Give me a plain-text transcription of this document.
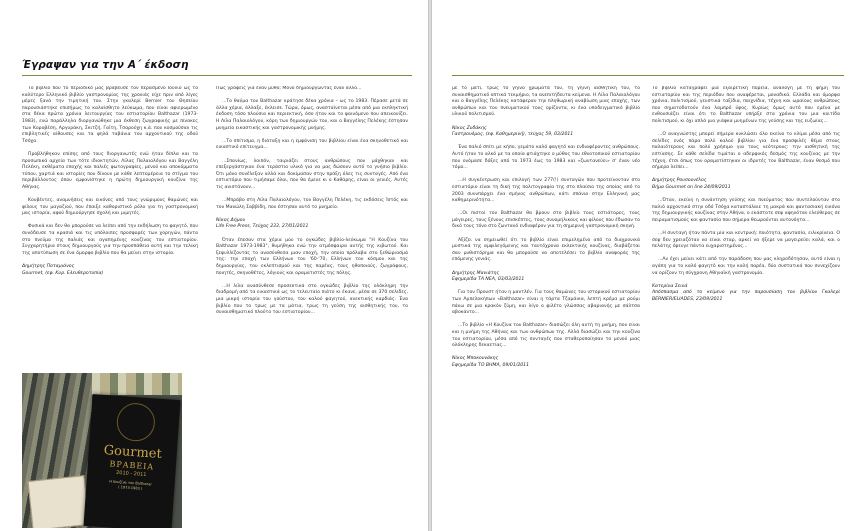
Έγραψαν για την Α΄ έκδοση

Το βιβλίο που το περιοδικό μας βράβευσε τον περασμένο Ιούνιο ως το καλύτερο Ελληνικό βιβλίο γαστρονομίας της χρονιάς είχε πριν από λίγες μέρες ξανά την τιμητική του. Στην γκαλερί Bernier του Θησείου παρουσιάστηκε επισήμως το καλαίσθητο λεύκωμα, που είναι αφιερωμένο στα δέκα πρώτα χρόνια λειτουργίας του εστιατορίου Balthazar (1973-1983), ενώ παράλληλα διοργανώθηκε μια έκθεση ζωγραφικής με πίνακες των Κοροβέση, Αργυράκη, Σκιτζή, Γαϊτη, Τσαρούχη κ.ά. που κοσμούσαν τις επιβλητικές αίθουσες και τα ψηλά ταβάνια του αρχοντικού της οδού Τσόχα.

Προβλήθηκαν επίσης από τους διοργανωτές ενώ ήταν δίπλα και τα προσωπικά αρχεία των τότε ιδιοκτητών, Λίλας Παλαιολόγου και Βαγγέλη Πελέκη, εκθέματα εποχής και παλιές φωτογραφίες, μενού και αποκόμματα τύπου, χαρτιά και ιστορίες που δίνουν με κάθε λεπτομέρεια το στίγμα του περιβάλλοντος όπου εμφανίστηκε η πρώτη δημιουργική κουζίνα της Αθήνας.

Κουβέντες, αναμνήσεις και εικόνες από τους γνώριμους θαμώνες και φίλους του μαγαζιού, που έπαιξε καθοριστικό ρόλο για τη γαστρονομική μας ιστορία, αφού δημιούργησε σχολή και μιμητές.

Φυσικά και δεν θα μπορούσε να λείπει από την εκδήλωση το φαγητό, που συνόδευσε τα κρασιά και τις υπόλοιπες προσφορές των χορηγών, πάντα στο πνεύμα της παλιάς και αγαπημένης κουζίνας του εστιατορίου. Συγχαρητήρια στους δημιουργούς για την προσπάθεια αυτή και την τελική της αποτύπωση σε ένα όμορφο βιβλίο που θα μείνει στην ιστορία.

Δημήτρης Ποταμιάνος
Gourmet, (εφ. Κυρ. Ελευθεροτυπία)
Gourmet
ΒΡΑΒΕΙΑ
2010 - 2011
Η Κουζίνα του Balthazar
( 1973-1983 )

Πώς γράφεις για έναν μύθο; Μόνο δημιουργώντας έναν άλλο...

...Το θαύμα του Balthazar κράτησε δέκα χρόνια – ως το 1983. Πέρασε μετά σε άλλα χέρια, άλλαξε, έκλεισε. Τώρα, όμως, ανασταίνεται μέσα από μια εκπληκτική έκδοση τόσο πλούσια και περιεκτική, όσο ήταν και το φαινόμενο που απεικονίζει. Η Λίλα Παλαιολόγου, κόρη των δημιουργών του, και ο Βαγγέλης Πελέκης έστησαν μνημείο εικαστικής και γαστρονομικής μνήμης.

...Το σπίτισμα, η διάταξη και η εμφάνιση του βιβλίου είναι ένα σκηνοθετικό και εικαστικό επίτευγμα...

...Σπανίως, λοιπόν, ταιριάζει στους ανθρώπους που μάχθηκαν και επεξεργάστηκαν ένα τεράστιο υλικό για να μας δώσουν αυτό το γνήσιο βιβλίο. Ότι μόνο συνέλεξαν αλλά και δοκίμασαν στην πράξη όλες τις συνταγές. Από ένα εστιατόριο που τιμήσαμε όλοι, που θα έμενε κι ο Καθάρης, είναι οι γενιές. Αυτές τις ανιστάνουν...

...Μπράβο στη Λίλα Παλαιολόγου, τον Βαγγέλη Πελέκη, τις εκδόσεις Ίστός και τον Μανώλη Σαββίδη, που έστησαν αυτό το μνημείο.

Νίκος Δήμου
Life Free Press, Τεύχος 233, 27/01/2011

Όταν έπεσαν στα χέρια μου το ογκώδες βιβλίο-λεύκωμα "Η Κουζίνα του Balthazar 1973-1983", θυμήθηκα ενώ την ατμόσφαιρα αυτής της κιβωτού. Και ξεφυλλίζοντάς το ανασύνθεσα μιαν εποχή, την οποία πρόλαβα στο ξεθώριασμά της: την εποχή των Ελλήνων του '60-'70, Ελλήνων του κόσμου και της δημιουργίας, του εκλεπτισμού και της παρέας, τους ηθοποιούς, ζωγράφους, ποιητές, σκηνοθέτες, λόγιους και οραματιστές της πόλης.

...Η λίλα ανασύνθεσε προσεκτικά στο ογκώδες βιβλίο της ολόκληρη την διαδρομή από τα εικαστικά ως το τελευταίο πιάτο κι έκανε, μέσα σε 370 σελίδες, μια μικρή ιστορία του γούστου, του καλού φαγητού, ανεκτικής καρδιάς. Ένα βιβλίο που το τρως με τα μάτια, τρως τη γεύση της αισθητικής του, το συναισθηματικό πλούτο του εστιατορίου...

με το μάτι, τρως το γήινο χρώματά του, τη γήινη αισθητική του, το συναισθηματικό οπτικά τεκμήριο, τα ανεπιτήδευτα κείμενα. Η Λίλα Παλαιολόγου και ο Βαγγέλης Πελέκης κατάφεραν την πληθωρική αναβίωση μιας εποχής, των ανθρώπων και του πνευματικού τους ορίζοντα, κι ένα υποδειγματικό βιβλίο υλικού πολιτισμού.

Νίκος Ζυδάκης
Γαστρονόμος, (εφ. Καθημερινή), τεύχος 59, 03/2011

Ένα παλιό σπίτι με κήπο, γεμάτο καλό φαγητό και ενδιαφέροντες ανθρώπους. Αυτό ήταν το αλκό με τα οποία φτιάχτηκε ο μύθος του εθνοτοπικού εστιατορίου που ονόμασε δόξες από το 1973 έως το 1983 και «ζωντανεύει» σ' έναν νέο τόμο...

...Η συγκέντρωση και επιλογή των 277(!) συνταγών που προτείνονταν στο εστιατόριο είναι τη δική της πολιτογραφία της στο πλαίσιο της οποίας από το 2003 συνυπάρχει ένα σμήνος ανθρώπων, κάτι σπάνιο στην Ελληνική μας καθημερινότητα...

...Οι πιστοί του Balthazar θα βρουν στο βιβλίο τους εστιάτορες, τους μάγειρες, τους ξένους επισκέπτες, τους συνομήλικους και φίλους που έδωσαν το δικό τους τόνο στο ζωντανό ενδιαφέρον για τη σημερινή γαστρονομική σκηνή.

Αξίζει να σημειωθεί ότι το βιβλίο είναι επιμελημένο από τα διαχρονικά μυστικά της αμφιλεγόμενης και ταυτόχρονα εκλεκτικής κουζίνας, διαβάζεται σαν μυθιστόρημα και θα μπορούσε να αποτελέσει το βιβλίο αναφοράς της επόμενης γενιάς.

Δημήτρης Μανιάτης
Εφημερίδα ΤΑ ΝΕΑ, 03/03/2011

Για τον Προυστ ήταν η μαντλέν. Για τους θαμώνες του ιστορικού εστιατορίου των Αμπελοκήπων «Balthazar» είναι η τάρτα Τζαμάικα, λεπτή κρέμα με ρούμι πάνω σε μια κρακόν ζύμη, και λίγο ο φιλέτο γλώσσας αβαριανής με σάλτσα αβοκάντο...

...Το βιβλίο «Η Κουζίνα του Balthazar» διασώζει όλη αυτή τη μνήμη, που είναι και η μνήμη της Αθήνας και των ανθρώπων της. Αλλά διασώζει και την κουζίνα του εστιατορίου, μέσα από τις συνταγές που σταθεροποίησαν το μενού μιας ολόκληρης δεκαετίας...

Νίκος Μποκουνάκης
Εφημερίδα ΤΟ ΒΗΜΑ, 09/01/2011

Το βιβλίο καταγράφει μια εξαιρετική πορεία, ανάλογη με τη φήμη του εστιατορίου και της περιόδου που αναφέρεται, μοναδικά. Ελλάδα και όμορφα χρόνια, πολιτισμού, γευστικά ταξίδια, παιχνίδια, τέχνη και ωραίους ανθρώπους που σηματοδοτούν ένα λαμπρό ύφος. Κυρίως όμως αυτό που εμένα με ενθουσιάζει είναι ότι το Balthazar υπήρξε στα χρόνια του μια κοιτίδα πολιτισμού, κι όχι απλά μια γιάφκα μυημένων της γεύσης και της ευζωίας...

...Ο αναγνώστης μπορεί σήμερα κυκλώσει όλο εκείνο το κλίμα μέσα από τις σελίδες ενός πάρα πολύ καλού βιβλίου για ένα προσφιλές θέμα στους παλαιότερους και πολύ χρήσιμο για τους νεότερους: την αισθητική της εστίασης. Σε κάθε σελίδα τιμάται ο αδερφικός δεσμός της κουζίνας με την τέχνη, έτσι όπως τον οραματίστηκαν οι ιδρυτές του Balthazar, έναν θεσμό που σήμερα λείπει...

Δημήτρης Ρουσουνέλος
Βήμα Gourmet on line 24/09/2011

...Όταν, εκείνη η συνάντηση γεύσης και πνεύματος που συντελούνταν στο παλιό αρχοντικό στην οδό Τσόχα καταστάλαιε τη μακρά και φαντασιακή εικόνα της δημιουργικής κουζίνας στην Αθήνα, ο εκάστοτε σεφ αφηνόταν ελεύθερος σε πειραματισμούς και φαντασία που σήμερα θεωρούνται αυτονόητα...

...Η συνταγή ήταν πάντα μία και κεντρική: ποιότητα, φαντασία, ειλικρίνεια. Ο σεφ δεν χρειαζόταν να είναι σταρ, αρκεί να ήξερε να μαγειρεύει καλά, και ο πελάτης έφευγε πάντα ευχαριστημένος...

...Αν έχει μείνει κάτι από την παράδοση που μας κληροδότησαν, αυτό είναι η αγάπη για το καλό φαγητό και την καλή παρέα, δύο συστατικά που συνεχίζουν να ορίζουν τη σύγχρονη Αθηναϊκή γαστρονομία.

Κατερίνα Σεινά
Απόσπασμα από το κείμενο για την παρουσίαση του βιβλίου Γκαλερί BERNIER/ELIADES, 23/09/2011
